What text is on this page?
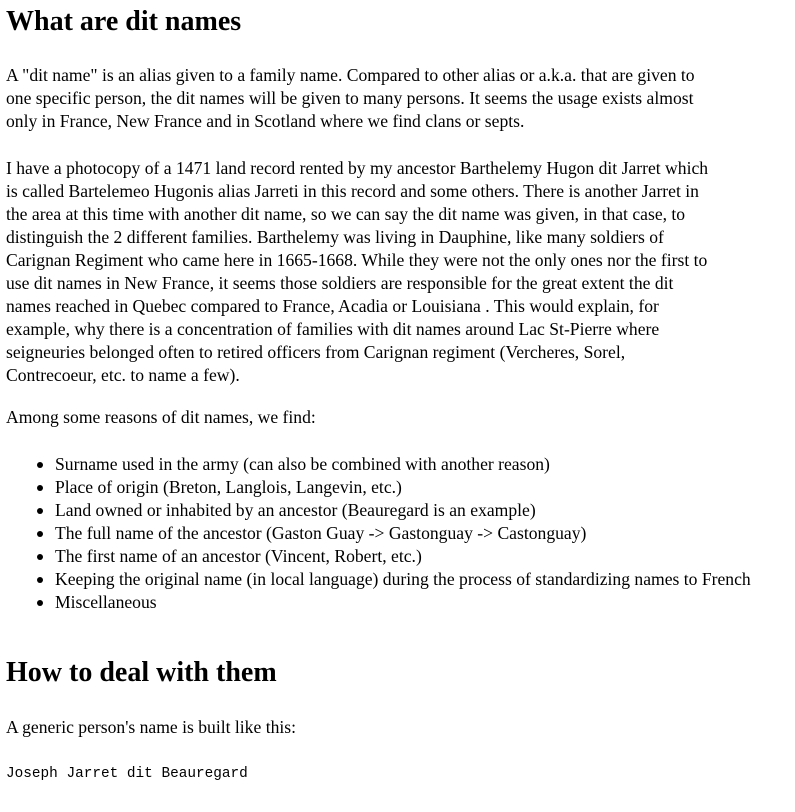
What are dit names

A "dit name" is an alias given to a family name. Compared to other alias or a.k.a. that are given to
one specific person, the dit names will be given to many persons. It seems the usage exists almost
only in France, New France and in Scotland where we find clans or septs.

I have a photocopy of a 1471 land record rented by my ancestor Barthelemy Hugon dit Jarret which
is called Bartelemeo Hugonis alias Jarreti in this record and some others. There is another Jarret in
the area at this time with another dit name, so we can say the dit name was given, in that case, to
distinguish the 2 different families. Barthelemy was living in Dauphine, like many soldiers of
Carignan Regiment who came here in 1665-1668. While they were not the only ones nor the first to
use dit names in New France, it seems those soldiers are responsible for the great extent the dit
names reached in Quebec compared to France, Acadia or Louisiana . This would explain, for
example, why there is a concentration of families with dit names around Lac St-Pierre where
seigneuries belonged often to retired officers from Carignan regiment (Vercheres, Sorel,
Contrecoeur, etc. to name a few).

Among some reasons of dit names, we find:

Surname used in the army (can also be combined with another reason)
Place of origin (Breton, Langlois, Langevin, etc.)
Land owned or inhabited by an ancestor (Beauregard is an example)
The full name of the ancestor (Gaston Guay -> Gastonguay -> Castonguay)
The first name of an ancestor (Vincent, Robert, etc.)
Keeping the original name (in local language) during the process of standardizing names to French
Miscellaneous
How to deal with them

A generic person's name is built like this:

Joseph Jarret dit Beauregard
